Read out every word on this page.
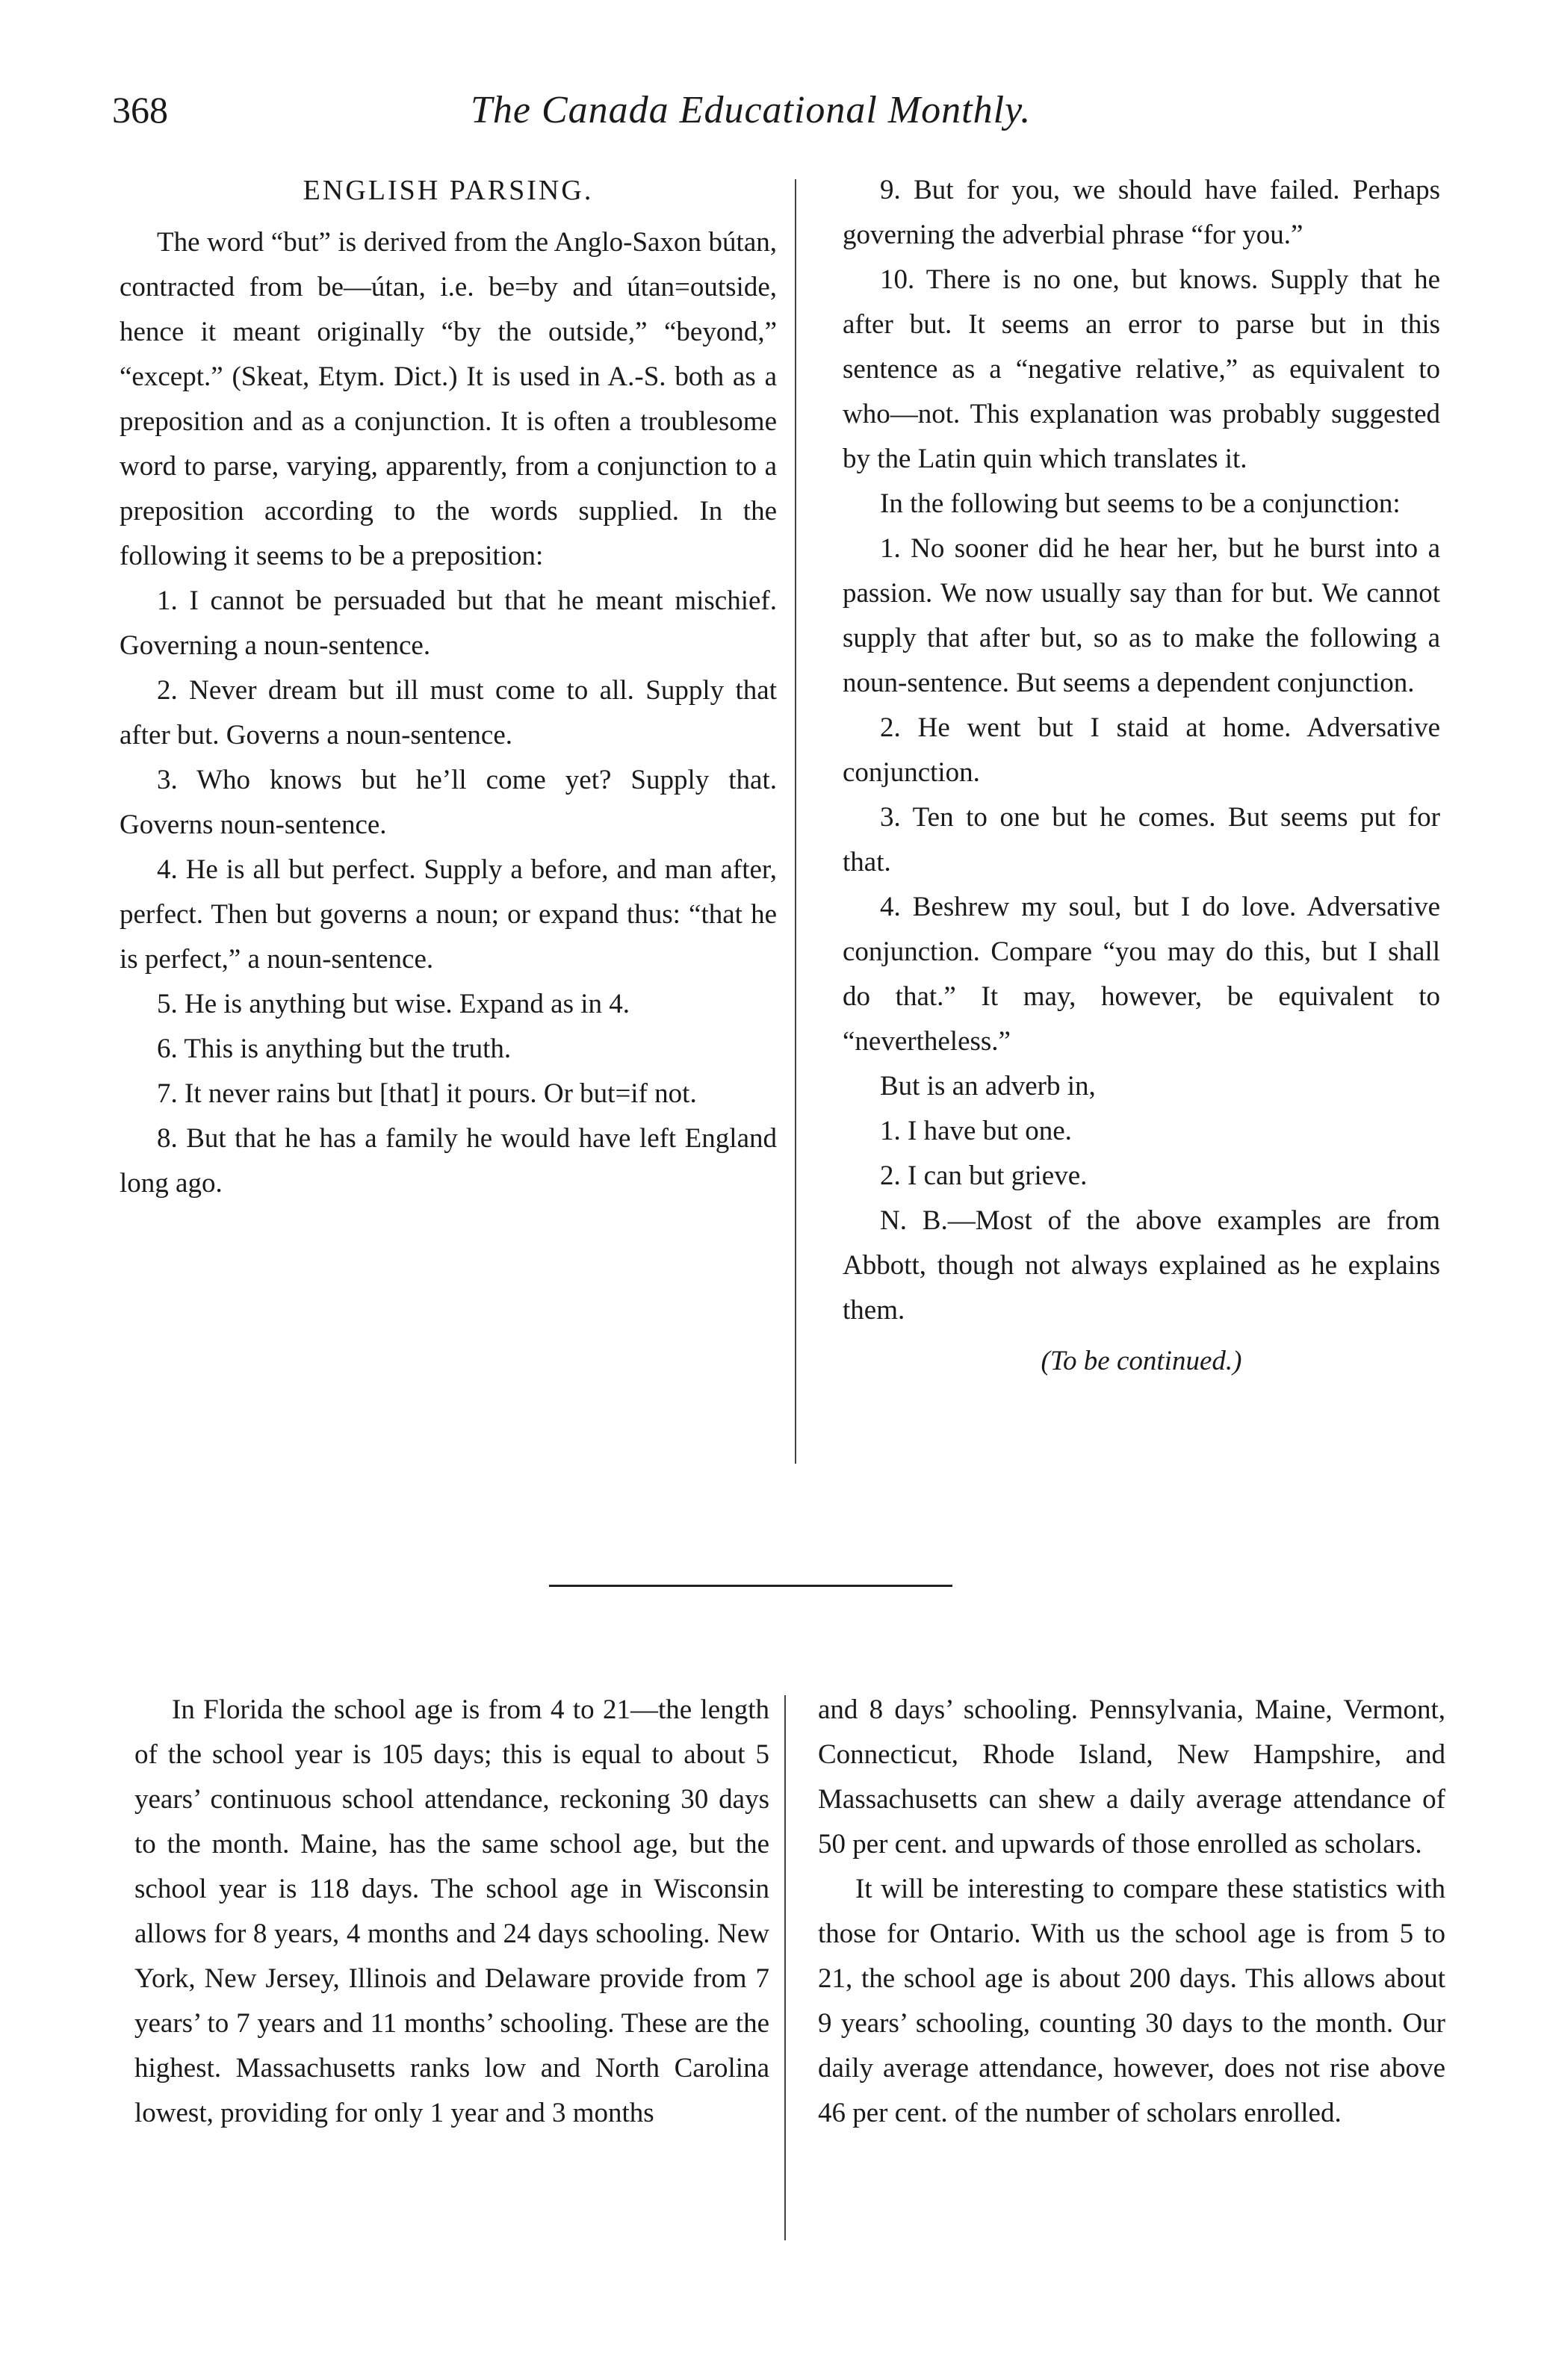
368	The Canada Educational Monthly.

ENGLISH PARSING.

The word “but” is derived from the Anglo-Saxon bútan, contracted from be—útan, i.e. be=by and útan=outside, hence it meant originally “by the outside,” “beyond,” “except.” (Skeat, Etym. Dict.) It is used in A.-S. both as a preposition and as a conjunction. It is often a troublesome word to parse, varying, apparently, from a conjunction to a preposition according to the words supplied. In the following it seems to be a preposition:

1. I cannot be persuaded but that he meant mischief. Governing a noun-sentence.

2. Never dream but ill must come to all. Supply that after but. Governs a noun-sentence.

3. Who knows but he’ll come yet? Supply that. Governs noun-sentence.

4. He is all but perfect. Supply a before, and man after, perfect. Then but governs a noun; or expand thus: “that he is perfect,” a noun-sentence.

5. He is anything but wise. Expand as in 4.

6. This is anything but the truth.

7. It never rains but [that] it pours. Or but=if not.

8. But that he has a family he would have left England long ago.

9. But for you, we should have failed. Perhaps governing the adverbial phrase “for you.”

10. There is no one, but knows. Supply that he after but. It seems an error to parse but in this sentence as a “negative relative,” as equivalent to who—not. This explanation was probably suggested by the Latin quin which translates it.

In the following but seems to be a conjunction:

1. No sooner did he hear her, but he burst into a passion. We now usually say than for but. We cannot supply that after but, so as to make the following a noun-sentence. But seems a dependent conjunction.

2. He went but I staid at home. Adversative conjunction.

3. Ten to one but he comes. But seems put for that.

4. Beshrew my soul, but I do love. Adversative conjunction. Compare “you may do this, but I shall do that.” It may, however, be equivalent to “nevertheless.”

But is an adverb in,

1. I have but one.

2. I can but grieve.

N. B.—Most of the above examples are from Abbott, though not always explained as he explains them.

(To be continued.)

In Florida the school age is from 4 to 21—the length of the school year is 105 days; this is equal to about 5 years’ continuous school attendance, reckoning 30 days to the month. Maine, has the same school age, but the school year is 118 days. The school age in Wisconsin allows for 8 years, 4 months and 24 days schooling. New York, New Jersey, Illinois and Delaware provide from 7 years’ to 7 years and 11 months’ schooling. These are the highest. Massachusetts ranks low and North Carolina lowest, providing for only 1 year and 3 months

and 8 days’ schooling. Pennsylvania, Maine, Vermont, Connecticut, Rhode Island, New Hampshire, and Massachusetts can shew a daily average attendance of 50 per cent. and upwards of those enrolled as scholars.

It will be interesting to compare these statistics with those for Ontario. With us the school age is from 5 to 21, the school age is about 200 days. This allows about 9 years’ schooling, counting 30 days to the month. Our daily average attendance, however, does not rise above 46 per cent. of the number of scholars enrolled.
